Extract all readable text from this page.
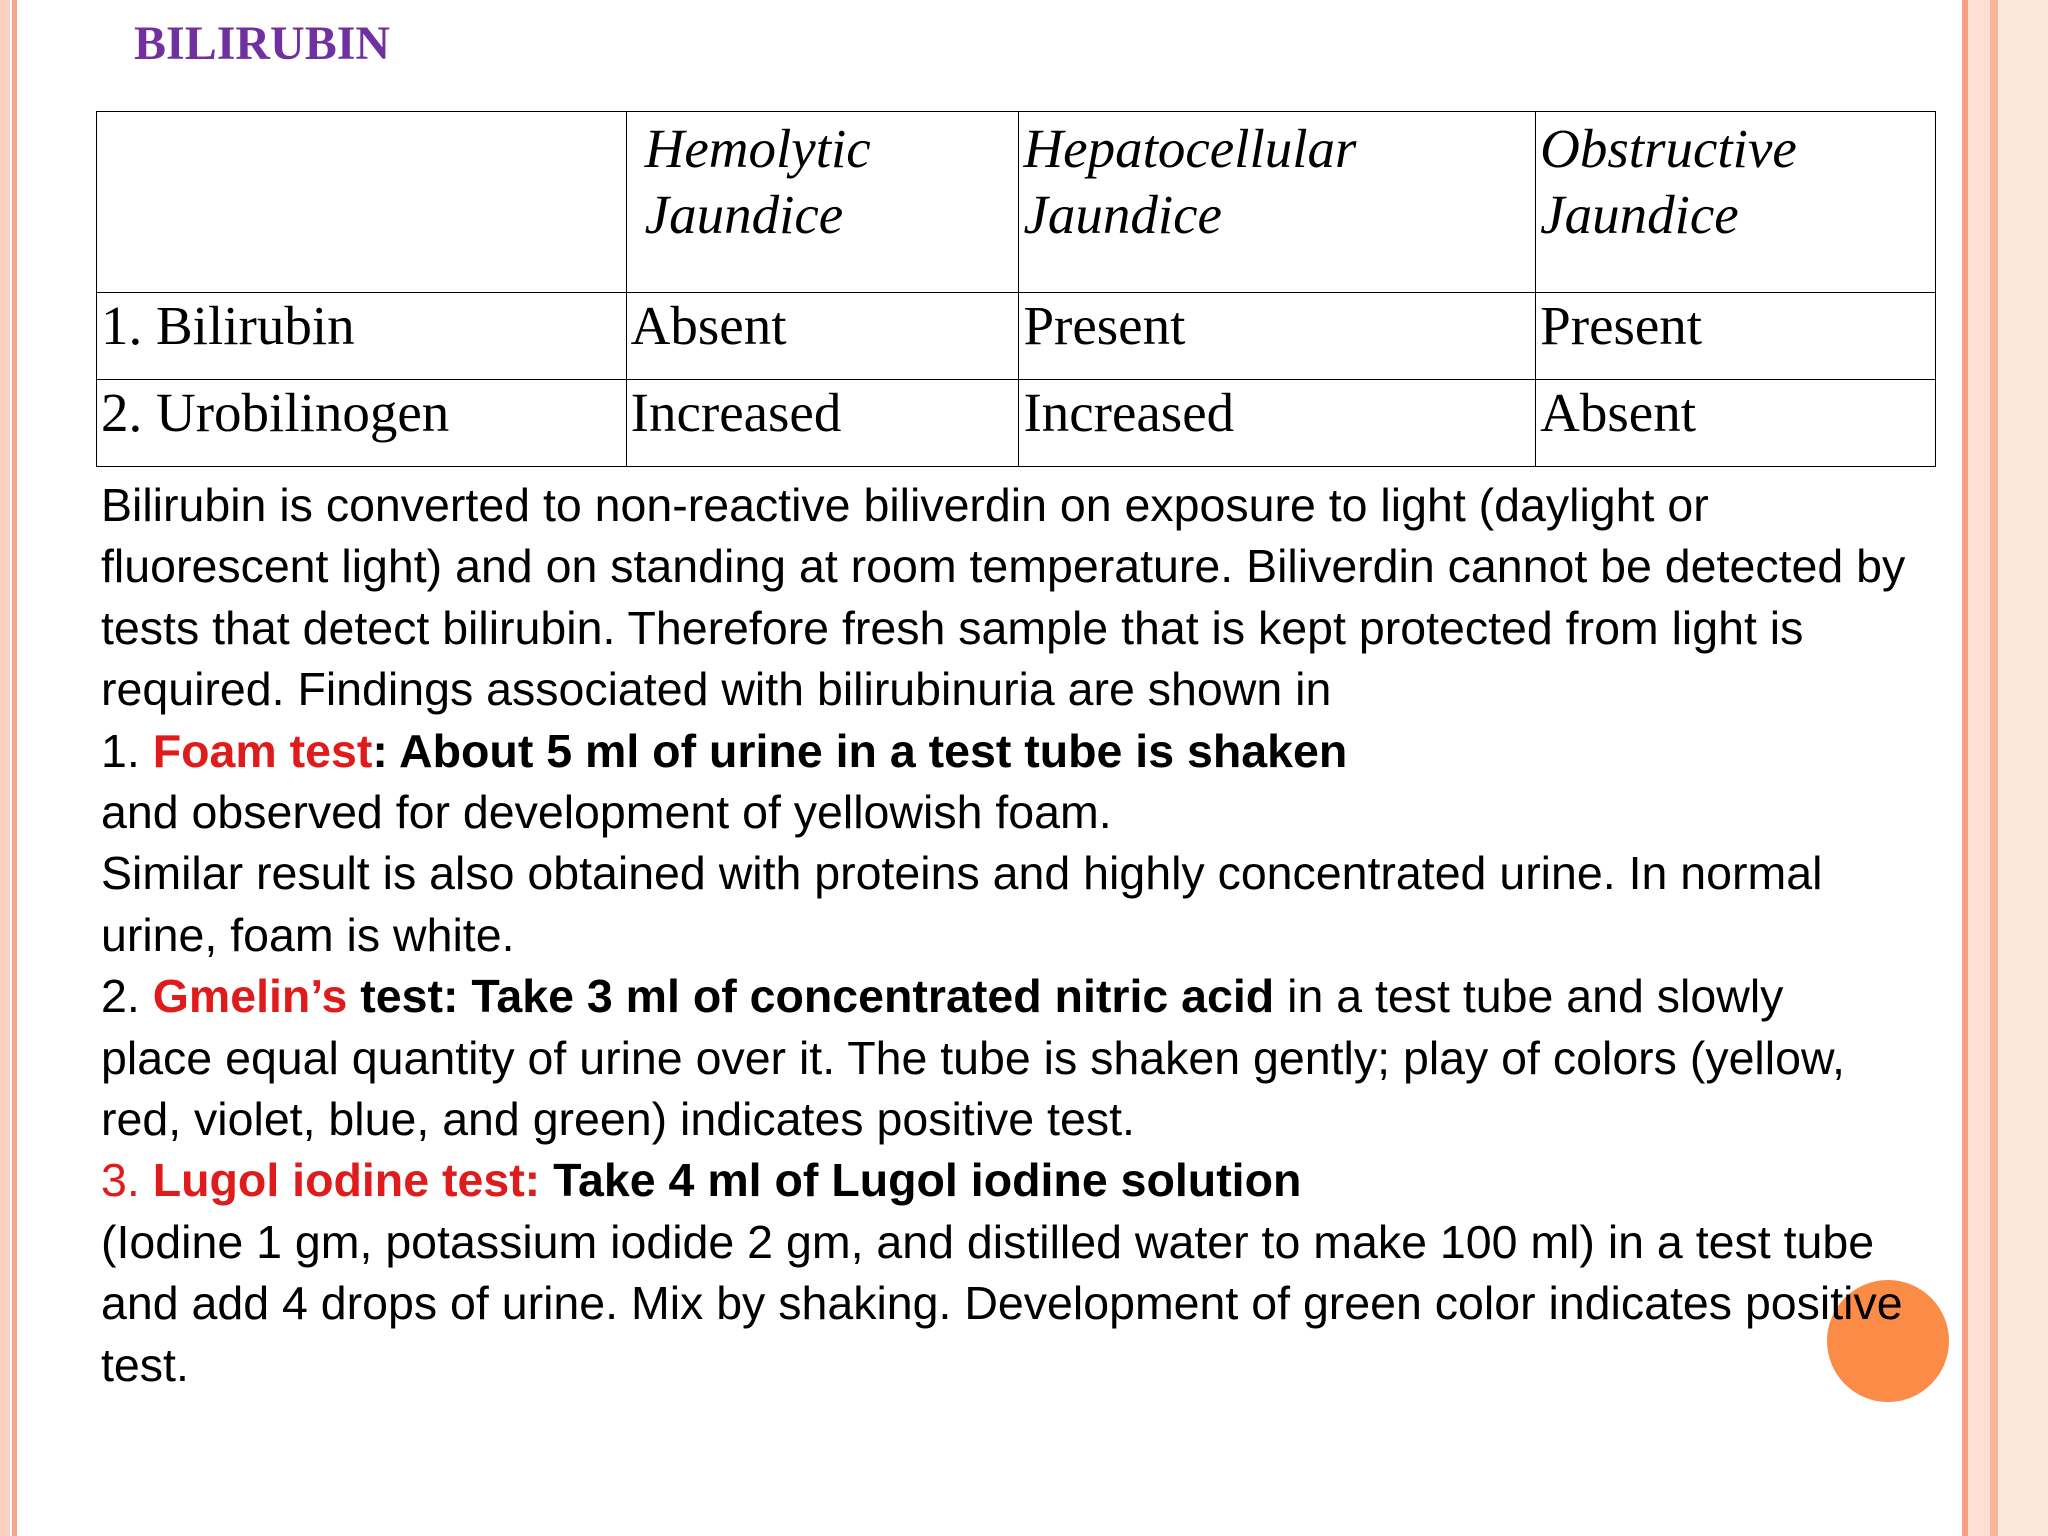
BILIRUBIN
	Hemolytic Jaundice	Hepatocellular Jaundice	Obstructive Jaundice
1. Bilirubin	Absent	Present	Present
2. Urobilinogen	Increased	Increased	Absent

Bilirubin is converted to non-reactive biliverdin on exposure to light (daylight or fluorescent light) and on standing at room temperature. Biliverdin cannot be detected by tests that detect bilirubin. Therefore fresh sample that is kept protected from light is required. Findings associated with bilirubinuria are shown in

1. Foam test: About 5 ml of urine in a test tube is shaken

and observed for development of yellowish foam.

Similar result is also obtained with proteins and highly concentrated urine. In normal urine, foam is white.

2. Gmelin’s test: Take 3 ml of concentrated nitric acid in a test tube and slowly place equal quantity of urine over it. The tube is shaken gently; play of colors (yellow, red, violet, blue, and green) indicates positive test.

3. Lugol iodine test: Take 4 ml of Lugol iodine solution

(Iodine 1 gm, potassium iodide 2 gm, and distilled water to make 100 ml) in a test tube and add 4 drops of urine. Mix by shaking. Development of green color indicates positive test.
